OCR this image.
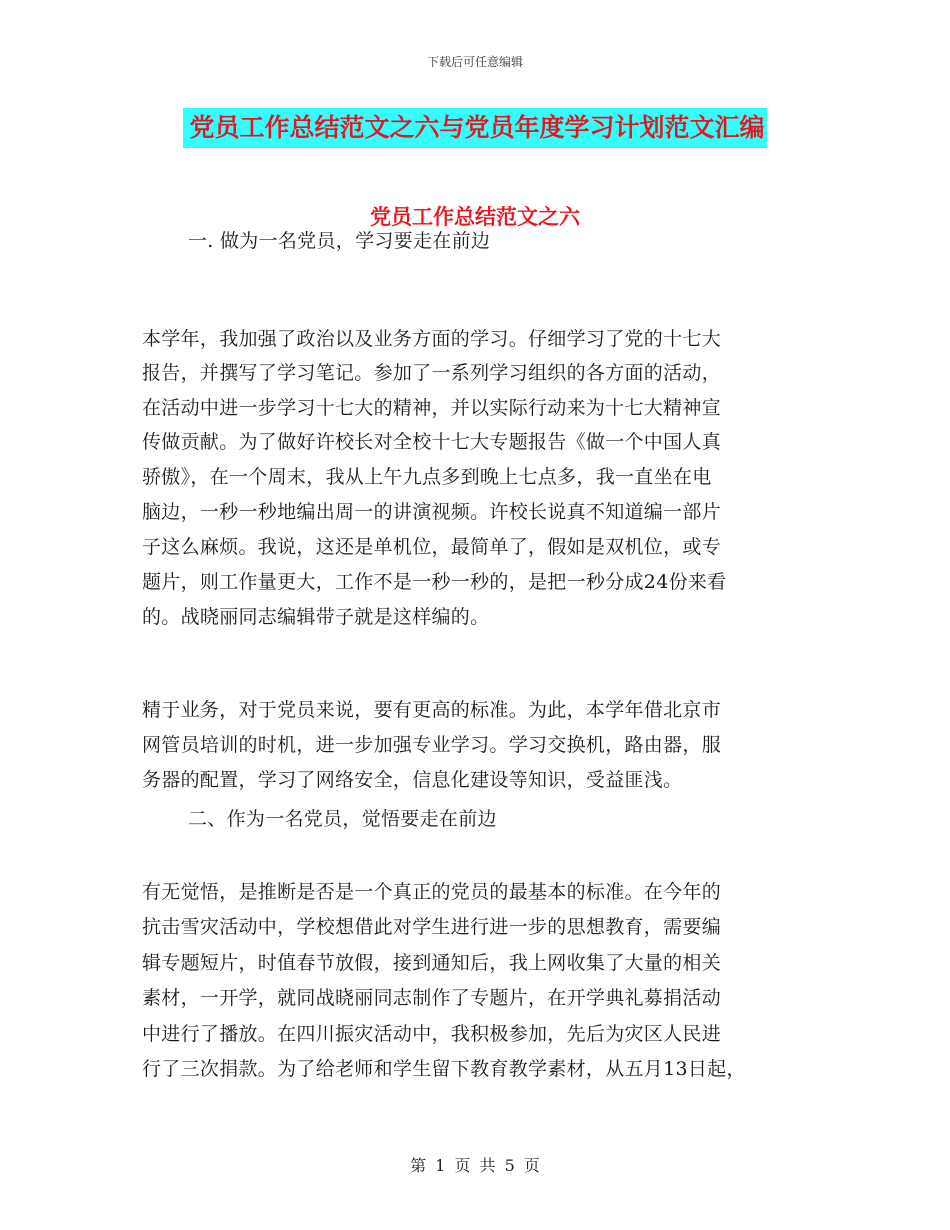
下载后可任意编辑
党员工作总结范文之六与党员年度学习计划范文汇编
党员工作总结范文之六
一. 做为一名党员，学习要走在前边
本学年，我加强了政治以及业务方面的学习。仔细学习了党的十七大
报告，并撰写了学习笔记。参加了一系列学习组织的各方面的活动，
在活动中进一步学习十七大的精神，并以实际行动来为十七大精神宣
传做贡献。为了做好许校长对全校十七大专题报告《做一个中国人真
骄傲》，在一个周末，我从上午九点多到晚上七点多，我一直坐在电
脑边，一秒一秒地编出周一的讲演视频。许校长说真不知道编一部片
子这么麻烦。我说，这还是单机位，最简单了，假如是双机位，或专
题片，则工作量更大，工作不是一秒一秒的，是把一秒分成24份来看
的。战晓丽同志编辑带子就是这样编的。
精于业务，对于党员来说，要有更高的标准。为此，本学年借北京市
网管员培训的时机，进一步加强专业学习。学习交换机，路由器，服
务器的配置，学习了网络安全，信息化建设等知识，受益匪浅。
二、作为一名党员，觉悟要走在前边
有无觉悟，是推断是否是一个真正的党员的最基本的标准。在今年的
抗击雪灾活动中，学校想借此对学生进行进一步的思想教育，需要编
辑专题短片，时值春节放假，接到通知后，我上网收集了大量的相关
素材，一开学，就同战晓丽同志制作了专题片，在开学典礼募捐活动
中进行了播放。在四川振灾活动中，我积极参加，先后为灾区人民进
行了三次捐款。为了给老师和学生留下教育教学素材，从五月13日起，
第 1 页 共 5 页
